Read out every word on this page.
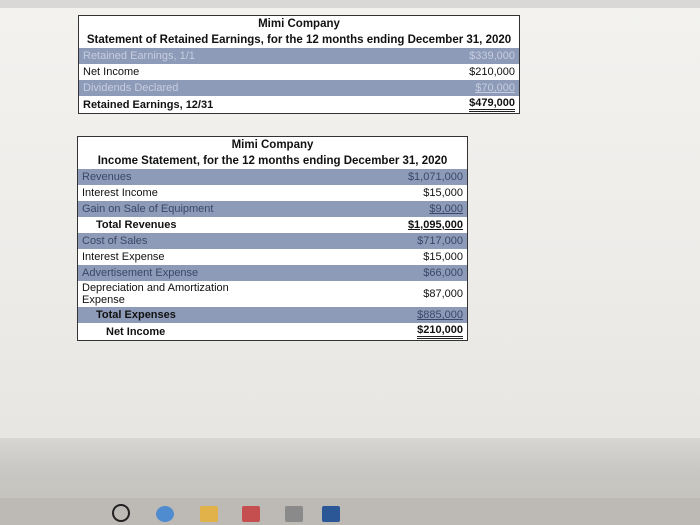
Mimi Company	
Statement of Retained Earnings, for the 12 months ending December 31, 2020	
Retained Earnings, 1/1	$339,000
Net Income	$210,000
Dividends Declared	$70,000
Retained Earnings, 12/31	$479,000
Mimi Company	
Income Statement, for the 12 months ending December 31, 2020	
Revenues	$1,071,000
Interest Income	$15,000
Gain on Sale of Equipment	$9,000
Total Revenues	$1,095,000
Cost of Sales	$717,000
Interest Expense	$15,000
Advertisement Expense	$66,000

Depreciation and Amortization
Expense	$87,000
Total Expenses	$885,000
Net Income	$210,000
